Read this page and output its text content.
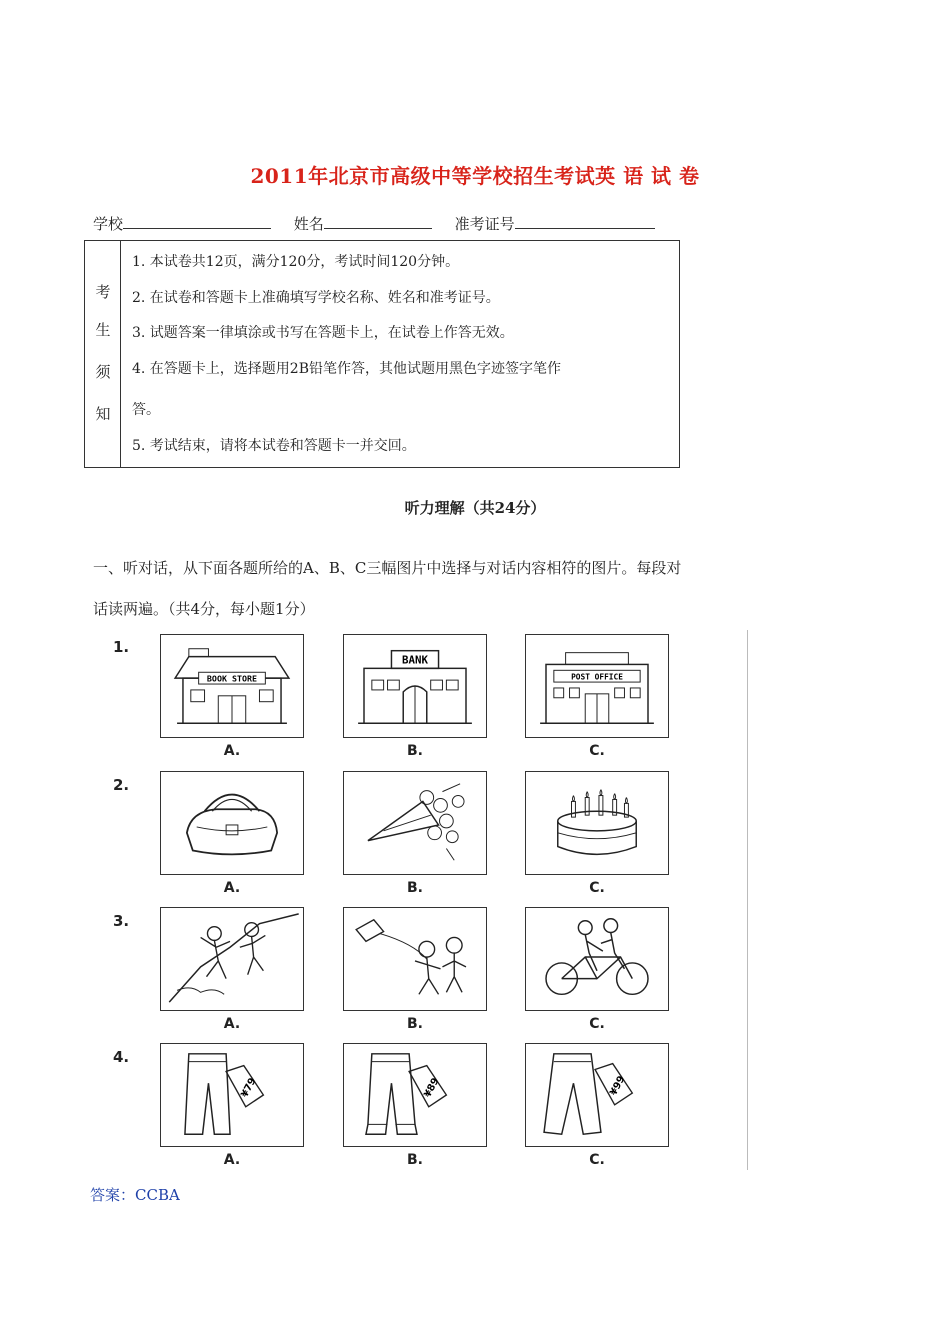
2011年北京市高级中等学校招生考试英 语 试 卷
学校	姓名	准考证号
考
生
须
知
1. 本试卷共12页，满分120分，考试时间120分钟。
2. 在试卷和答题卡上准确填写学校名称、姓名和准考证号。
3. 试题答案一律填涂或书写在答题卡上，在试卷上作答无效。
4. 在答题卡上，选择题用2B铅笔作答，其他试题用黑色字迹签字笔作
答。
5. 考试结束，请将本试卷和答题卡一并交回。
听力理解（共24分）
一、听对话，从下面各题所给的A、B、C三幅图片中选择与对话内容相符的图片。每段对
话读两遍。（共4分，每小题1分）
1.
BOOK STORE
A.
BANK
B.
POST OFFICE
C.
2.
A.	B.	C.
3.
A.	B.	C.
4.
¥79
A.
¥89
B.
¥99
C.
答案：CCBA
